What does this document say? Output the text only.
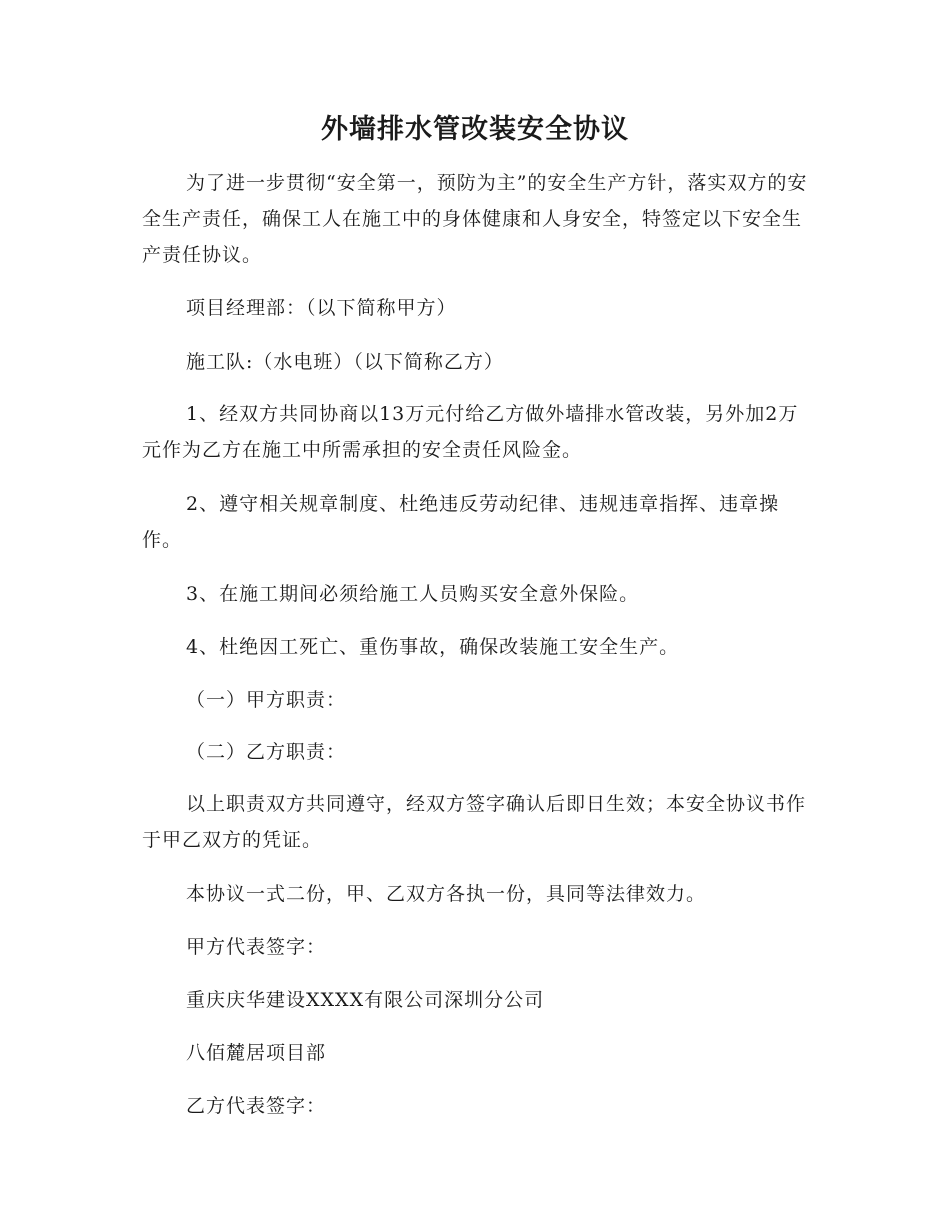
外墙排水管改装安全协议
为了进一步贯彻“安全第一，预防为主”的安全生产方针，落实双方的安全生产责任，确保工人在施工中的身体健康和人身安全，特签定以下安全生产责任协议。
项目经理部：（以下简称甲方）
施工队:（水电班）（以下简称乙方）
1、经双方共同协商以13万元付给乙方做外墙排水管改装，另外加2万元作为乙方在施工中所需承担的安全责任风险金。
2、遵守相关规章制度、杜绝违反劳动纪律、违规违章指挥、违章操作。
3、在施工期间必须给施工人员购买安全意外保险。
4、杜绝因工死亡、重伤事故，确保改装施工安全生产。
（一）甲方职责：
（二）乙方职责：
以上职责双方共同遵守，经双方签字确认后即日生效；本安全协议书作于甲乙双方的凭证。
本协议一式二份，甲、乙双方各执一份，具同等法律效力。
甲方代表签字：
重庆庆华建设XXXX有限公司深圳分公司
八佰麓居项目部
乙方代表签字：
